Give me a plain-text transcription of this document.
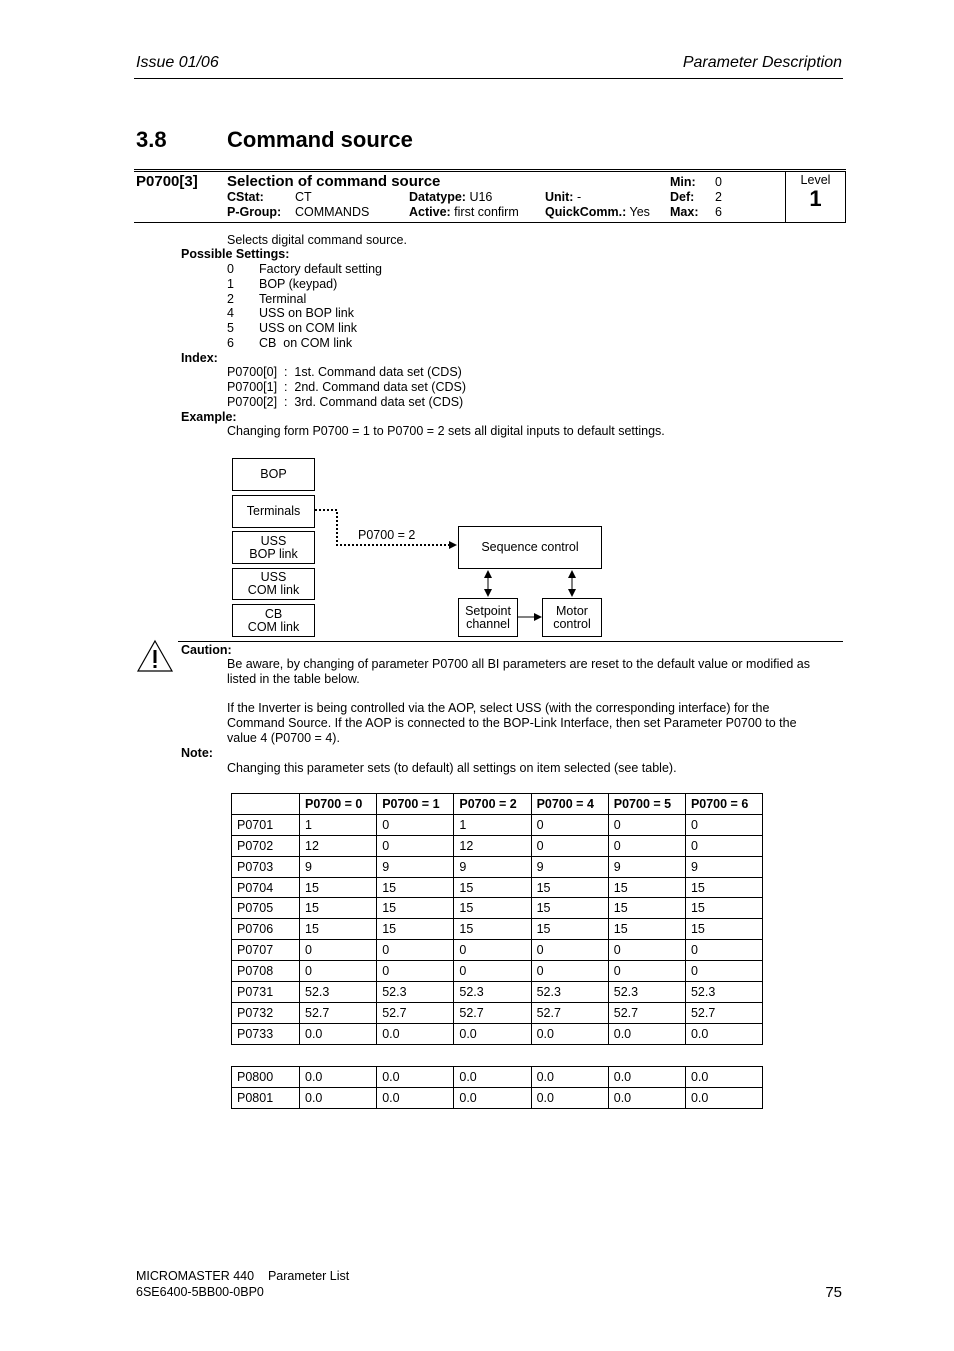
Issue 01/06	Parameter Description
3.8	Command source
P0700[3] Selection of command source
CStat: CT	Datatype: U16	Unit: -
P-Group: COMMANDS	Active: first confirm QuickComm.: Yes
Min: 0
Def: 2
Max: 6
Level
1
Selects digital command source.
Possible Settings:
0 Factory default setting
1 BOP (keypad)
2 Terminal
4 USS on BOP link
5 USS on COM link
6 CB  on COM link
Index:
P0700[0]  :  1st. Command data set (CDS)
P0700[1]  :  2nd. Command data set (CDS)
P0700[2]  :  3rd. Command data set (CDS)
Example:
Changing form P0700 = 1 to P0700 = 2 sets all digital inputs to default settings.
BOP
Terminals
USS
BOP link
USS
COM link
CB
COM link
Sequence control
Setpoint
channel
Motor
control
P0700 = 2
Caution:
Be aware, by changing of parameter P0700 all BI parameters are reset to the default value or modified as
listed in the table below.
If the Inverter is being controlled via the AOP, select USS (with the corresponding interface) for the
Command Source. If the AOP is connected to the BOP-Link Interface, then set Parameter P0700 to the
value 4 (P0700 = 4).
Note:
Changing this parameter sets (to default) all settings on item selected (see table).
	P0700 = 0	P0700 = 1	P0700 = 2	P0700 = 4	P0700 = 5	P0700 = 6
P0701	1	0	1	0	0	0
P0702	12	0	12	0	0	0
P0703	9	9	9	9	9	9
P0704	15	15	15	15	15	15
P0705	15	15	15	15	15	15
P0706	15	15	15	15	15	15
P0707	0	0	0	0	0	0
P0708	0	0	0	0	0	0
P0731	52.3	52.3	52.3	52.3	52.3	52.3
P0732	52.7	52.7	52.7	52.7	52.7	52.7
P0733	0.0	0.0	0.0	0.0	0.0	0.0
P0800	0.0	0.0	0.0	0.0	0.0	0.0
P0801	0.0	0.0	0.0	0.0	0.0	0.0
MICROMASTER 440    Parameter List
6SE6400-5BB00-0BP0	75
